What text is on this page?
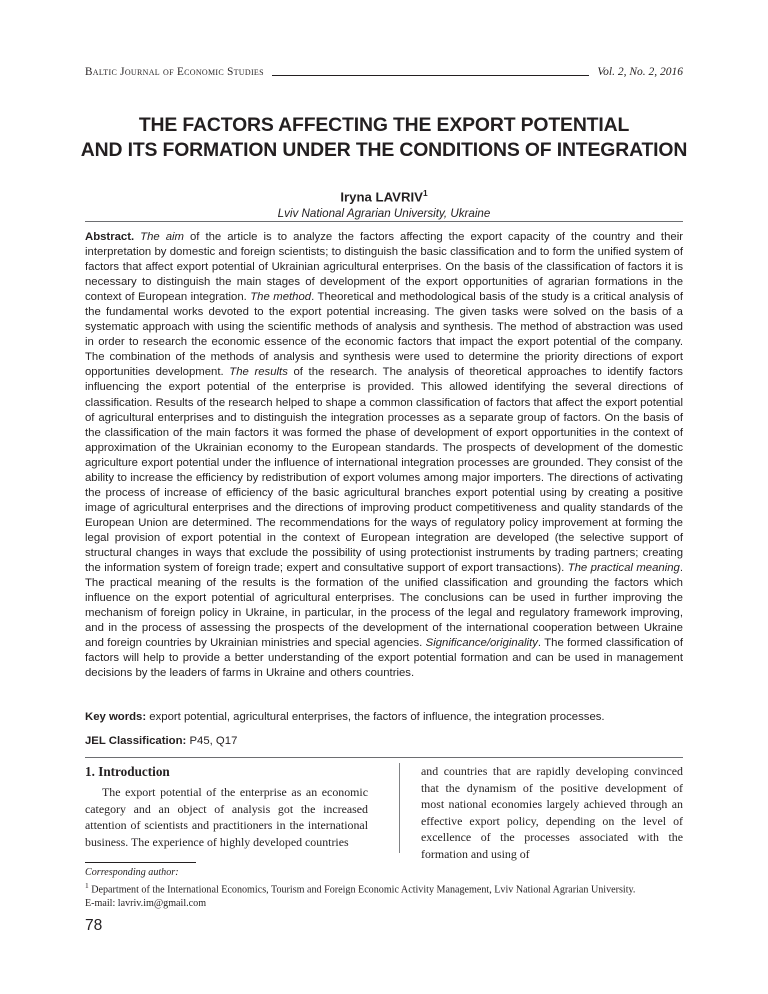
Baltic Journal of Economic Studies	Vol. 2, No. 2, 2016
THE FACTORS AFFECTING THE EXPORT POTENTIAL
AND ITS FORMATION UNDER THE CONDITIONS OF INTEGRATION
Iryna LAVRIV$^1$
Lviv National Agrarian University, Ukraine

Abstract. The aim of the article is to analyze the factors affecting the export capacity of the country and their interpretation by domestic and foreign scientists; to distinguish the basic classification and to form the unified system of factors that affect export potential of Ukrainian agricultural enterprises. On the basis of the classification of factors it is necessary to distinguish the main stages of development of the export opportunities of agrarian formations in the context of European integration. The method. Theoretical and methodological basis of the study is a critical analysis of the fundamental works devoted to the export potential increasing. The given tasks were solved on the basis of a systematic approach with using the scientific methods of analysis and synthesis. The method of abstraction was used in order to research the economic essence of the economic factors that impact the export potential of the company. The combination of the methods of analysis and synthesis were used to determine the priority directions of export opportunities development. The results of the research. The analysis of theoretical approaches to identify factors influencing the export potential of the enterprise is provided. This allowed identifying the several directions of classification. Results of the research helped to shape a common classification of factors that affect the export potential of agricultural enterprises and to distinguish the integration processes as a separate group of factors. On the basis of the classification of the main factors it was formed the phase of development of export opportunities in the context of approximation of the Ukrainian economy to the European standards. The prospects of development of the domestic agriculture export potential under the influence of international integration processes are grounded. They consist of the ability to increase the efficiency by redistribution of export volumes among major importers. The directions of activating the process of increase of efficiency of the basic agricultural branches export potential using by creating a positive image of agricultural enterprises and the directions of improving product competitiveness and quality standards of the European Union are determined. The recommendations for the ways of regulatory policy improvement at forming the legal provision of export potential in the context of European integration are developed (the selective support of structural changes in ways that exclude the possibility of using protectionist instruments by trading partners; creating the information system of foreign trade; expert and consultative support of export transactions). The practical meaning. The practical meaning of the results is the formation of the unified classification and grounding the factors which influence on the export potential of agricultural enterprises. The conclusions can be used in further improving the mechanism of foreign policy in Ukraine, in particular, in the process of the legal and regulatory framework improving, and in the process of assessing the prospects of the development of the international cooperation between Ukraine and foreign countries by Ukrainian ministries and special agencies. Significance/originality. The formed classification of factors will help to provide a better understanding of the export potential formation and can be used in management decisions by the leaders of farms in Ukraine and others countries.

Key words: export potential, agricultural enterprises, the factors of influence, the integration processes.
JEL Classification: P45, Q17
1. Introduction

The export potential of the enterprise as an economic category and an object of analysis got the increased attention of scientists and practitioners in the international business. The experience of highly developed countries

and countries that are rapidly developing convinced that the dynamism of the positive development of most national economies largely achieved through an effective export policy, depending on the level of excellence of the processes associated with the formation and using of

Corresponding author:
$^1$ Department of the International Economics, Tourism and Foreign Economic Activity Management, Lviv National Agrarian University.
E-mail: lavriv.im@gmail.com
78
